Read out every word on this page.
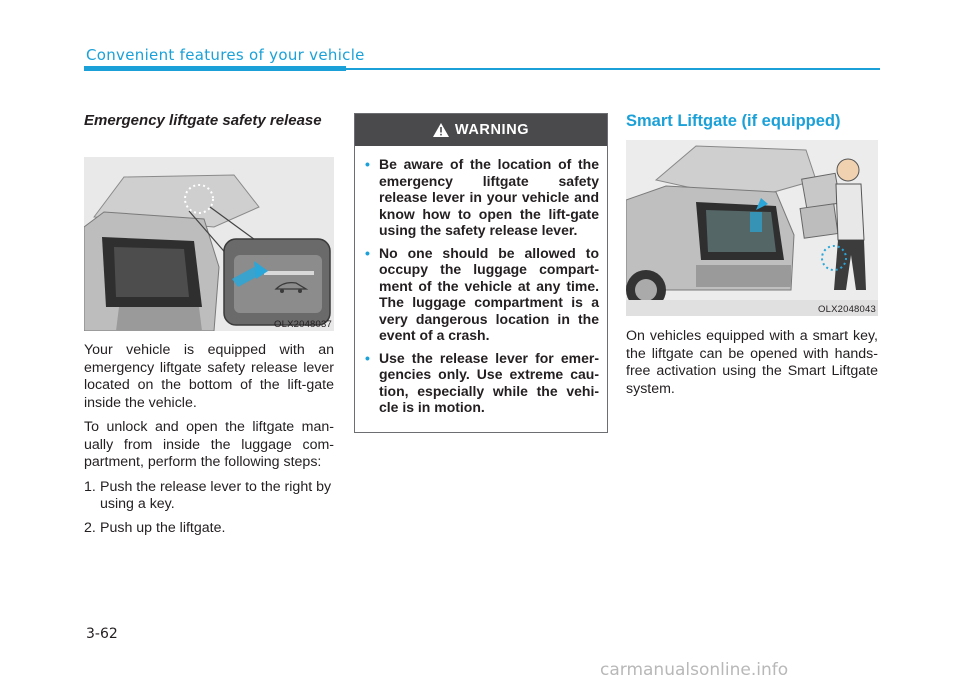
Convenient features of your vehicle
Emergency liftgate safety release
OLX2048037

Your vehicle is equipped with an emergency liftgate safety release lever located on the bottom of the lift-gate inside the vehicle.

To unlock and open the liftgate man-ually from inside the luggage com-partment, perform the following steps:

1. Push the release lever to the right by using a key.
2. Push up the liftgate.
WARNING
• Be aware of the location of the emergency liftgate safety release lever in your vehicle and know how to open the lift-gate using the safety release lever.
• No one should be allowed to occupy the luggage compart-ment of the vehicle at any time. The luggage compartment is a very dangerous location in the event of a crash.
• Use the release lever for emer-gencies only. Use extreme cau-tion, especially while the vehi-cle is in motion.
Smart Liftgate (if equipped)
OLX2048043

On vehicles equipped with a smart key, the liftgate can be opened with hands-free activation using the Smart Liftgate system.

3-62
carmanualsonline.info
